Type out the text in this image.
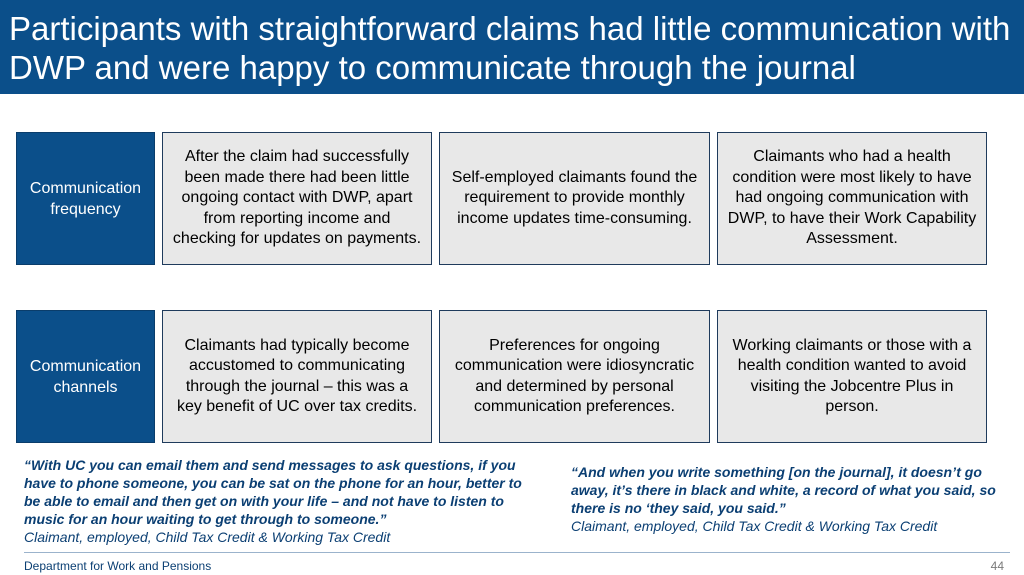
Participants with straightforward claims had little communication with DWP and were happy to communicate through the journal
Communication frequency
After the claim had successfully been made there had been little ongoing contact with DWP, apart from reporting income and checking for updates on payments.
Self-employed claimants found the requirement to provide monthly income updates time-consuming.
Claimants who had a health condition were most likely to have had ongoing communication with DWP, to have their Work Capability Assessment.
Communication channels
Claimants had typically become accustomed to communicating through the journal – this was a key benefit of UC over tax credits.
Preferences for ongoing communication were idiosyncratic and determined by personal communication preferences.
Working claimants or those with a health condition wanted to avoid visiting the Jobcentre Plus in person.
“With UC you can email them and send messages to ask questions, if you have to phone someone, you can be sat on the phone for an hour, better to be able to email and then get on with your life – and not have to listen to music for an hour waiting to get through to someone.”
Claimant, employed, Child Tax Credit & Working Tax Credit
“And when you write something [on the journal], it doesn’t go away, it’s there in black and white, a record of what you said, so there is no ‘they said, you said.”
Claimant, employed, Child Tax Credit & Working Tax Credit
Department for Work and Pensions	44
